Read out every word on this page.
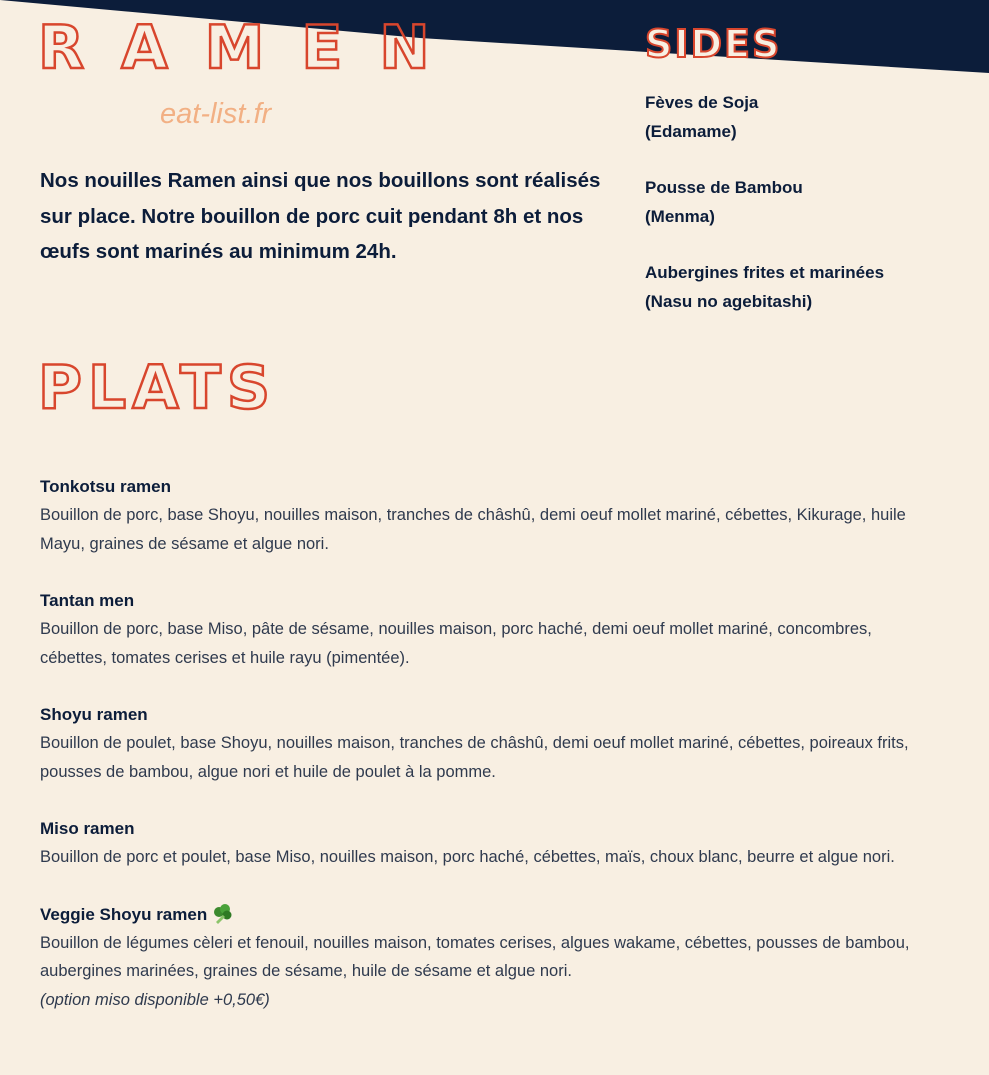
RAMEN
eat-list.fr

Nos nouilles Ramen ainsi que nos bouillons sont réalisés sur place. Notre bouillon de porc cuit pendant 8h et nos œufs sont marinés au minimum 24h.

SIDES
Fèves de Soja
(Edamame)
Pousse de Bambou
(Menma)
Aubergines frites et marinées
(Nasu no agebitashi)
PLATS
Tonkotsu ramen
Bouillon de porc, base Shoyu, nouilles maison, tranches de châshû, demi oeuf mollet mariné, cébettes, Kikurage, huile Mayu, graines de sésame et algue nori.
Tantan men
Bouillon de porc, base Miso, pâte de sésame, nouilles maison, porc haché, demi oeuf mollet mariné, concombres, cébettes, tomates cerises et huile rayu (pimentée).
Shoyu ramen
Bouillon de poulet, base Shoyu, nouilles maison, tranches de châshû, demi oeuf mollet mariné, cébettes, poireaux frits, pousses de bambou, algue nori et huile de poulet à la pomme.
Miso ramen
Bouillon de porc et poulet, base Miso, nouilles maison, porc haché, cébettes, maïs, choux blanc, beurre et algue nori.
Veggie Shoyu ramen
Bouillon de légumes cèleri et fenouil, nouilles maison, tomates cerises, algues wakame, cébettes, pousses de bambou, aubergines marinées, graines de sésame, huile de sésame et algue nori.
(option miso disponible +0,50€)
